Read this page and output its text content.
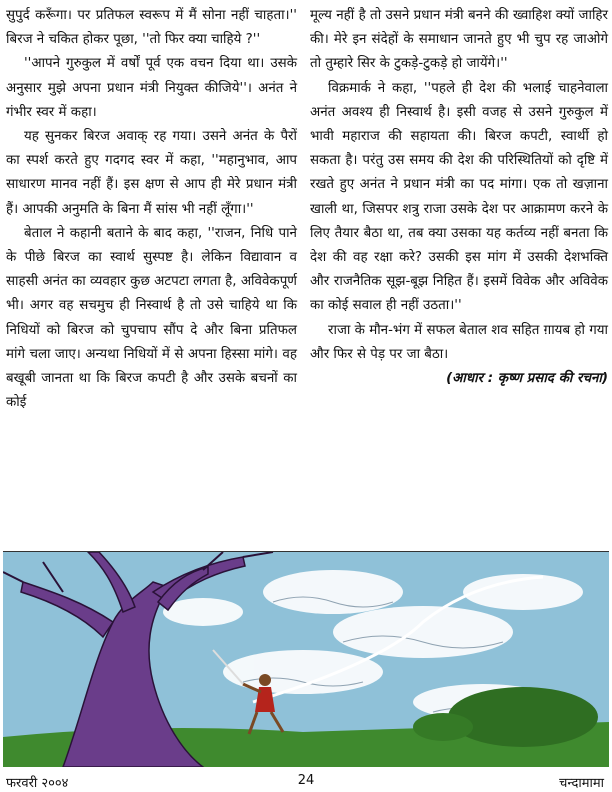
सुपुर्द करूँगा। पर प्रतिफल स्वरूप में मैं सोना नहीं चाहता।'' बिरज ने चकित होकर पूछा, ''तो फिर क्या चाहिये ?''

''आपने गुरुकुल में वर्षों पूर्व एक वचन दिया था। उसके अनुसार मुझे अपना प्रधान मंत्री नियुक्त कीजिये''। अनंत ने गंभीर स्वर में कहा।

यह सुनकर बिरज अवाक् रह गया। उसने अनंत के पैरों का स्पर्श करते हुए गदगद स्वर में कहा, ''महानुभाव, आप साधारण मानव नहीं हैं। इस क्षण से आप ही मेरे प्रधान मंत्री हैं। आपकी अनुमति के बिना मैं सांस भी नहीं लूँगा।''

बेताल ने कहानी बताने के बाद कहा, ''राजन, निधि पाने के पीछे बिरज का स्वार्थ सुस्पष्ट है। लेकिन विद्यावान व साहसी अनंत का व्यवहार कुछ अटपटा लगता है, अविवेकपूर्ण भी। अगर वह सचमुच ही निस्वार्थ है तो उसे चाहिये था कि निधियों को बिरज को चुपचाप सौंप दे और बिना प्रतिफल मांगे चला जाए। अन्यथा निधियों में से अपना हिस्सा मांगे। वह बखूबी जानता था कि बिरज कपटी है और उसके बचनों का कोई

मूल्य नहीं है तो उसने प्रधान मंत्री बनने की ख्वाहिश क्यों जाहिर की। मेरे इन संदेहों के समाधान जानते हुए भी चुप रह जाओगे तो तुम्हारे सिर के टुकड़े-टुकड़े हो जायेंगे।''

विक्रमार्क ने कहा, ''पहले ही देश की भलाई चाहनेवाला अनंत अवश्य ही निस्वार्थ है। इसी वजह से उसने गुरुकुल में भावी महाराज की सहायता की। बिरज कपटी, स्वार्थी हो सकता है। परंतु उस समय की देश की परिस्थितियों को दृष्टि में रखते हुए अनंत ने प्रधान मंत्री का पद मांगा। एक तो खज़ाना खाली था, जिसपर शत्रु राजा उसके देश पर आक्रामण करने के लिए तैयार बैठा था, तब क्या उसका यह कर्तव्य नहीं बनता कि देश की वह रक्षा करे? उसकी इस मांग में उसकी देशभक्ति और राजनैतिक सूझ-बूझ निहित हैं। इसमें विवेक और अविवेक का कोई सवाल ही नहीं उठता।''

राजा के मौन-भंग में सफल बेताल शव सहित ग़ायब हो गया और फिर से पेड़ पर जा बैठा।

(आधार : कृष्ण प्रसाद की रचना)

फरवरी २००४	24	चन्दामामा
